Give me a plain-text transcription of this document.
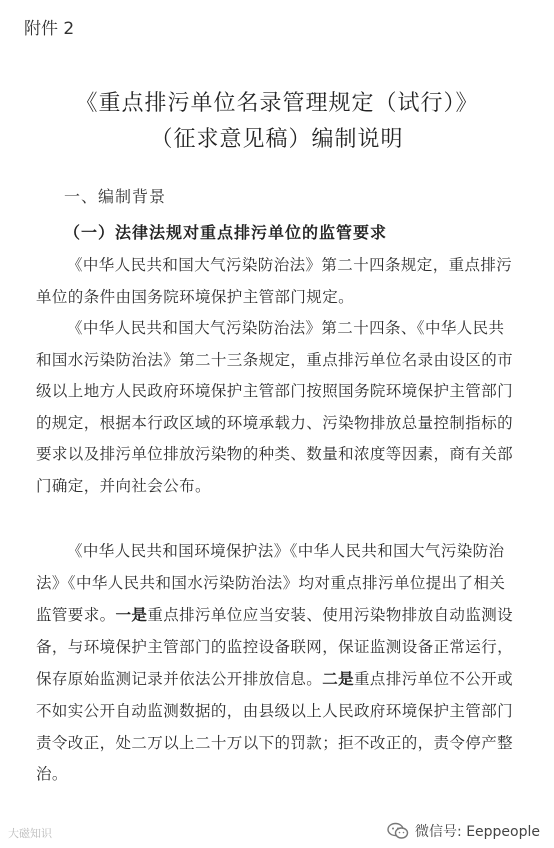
附件 2
《重点排污单位名录管理规定（试行）》
（征求意见稿）编制说明
一、编制背景
（一）法律法规对重点排污单位的监管要求

《中华人民共和国大气污染防治法》第二十四条规定，重点排污单位的条件由国务院环境保护主管部门规定。

《中华人民共和国大气污染防治法》第二十四条、《中华人民共和国水污染防治法》第二十三条规定，重点排污单位名录由设区的市级以上地方人民政府环境保护主管部门按照国务院环境保护主管部门的规定，根据本行政区域的环境承载力、污染物排放总量控制指标的要求以及排污单位排放污染物的种类、数量和浓度等因素，商有关部门确定，并向社会公布。

《中华人民共和国环境保护法》《中华人民共和国大气污染防治法》《中华人民共和国水污染防治法》均对重点排污单位提出了相关监管要求。一是重点排污单位应当安装、使用污染物排放自动监测设备，与环境保护主管部门的监控设备联网，保证监测设备正常运行，保存原始监测记录并依法公开排放信息。二是重点排污单位不公开或不如实公开自动监测数据的，由县级以上人民政府环境保护主管部门责令改正，处二万以上二十万以下的罚款；拒不改正的，责令停产整治。

大磁知识	微信号: Eeppeople
